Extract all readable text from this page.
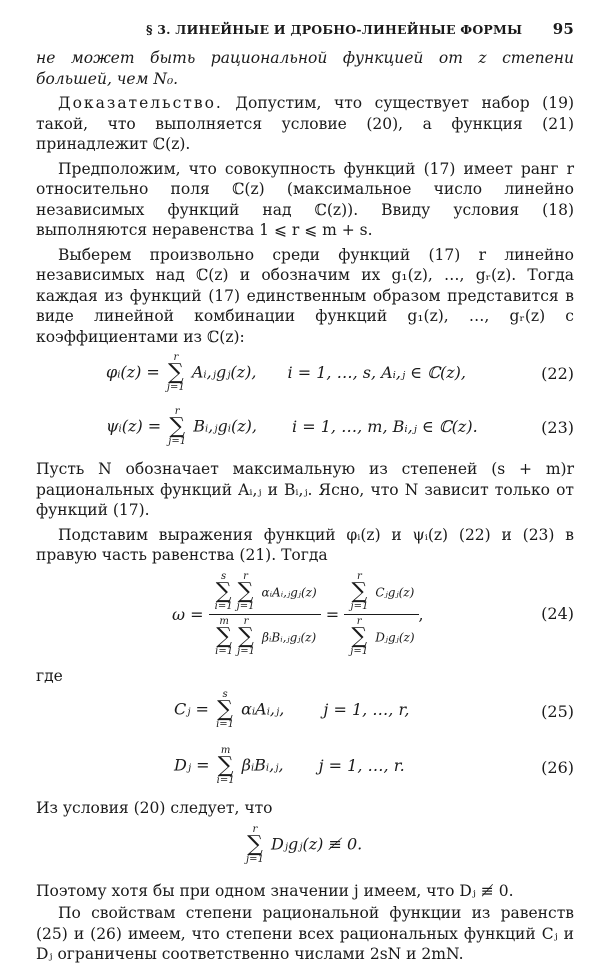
§ 3. ЛИНЕЙНЫЕ И ДРОБНО-ЛИНЕЙНЫЕ ФОРМЫ 95

не может быть рациональной функцией от z степени большей, чем N₀.

Доказательство. Допустим, что существует набор (19) такой, что выполняется условие (20), а функция (21) принадлежит ℂ(z).

Предположим, что совокупность функций (17) имеет ранг r относительно поля ℂ(z) (максимальное число линейно независимых функций над ℂ(z)). Ввиду условия (18) выполняются неравенства 1 ⩽ r ⩽ m + s.

Выберем произвольно среди функций (17) r линейно независимых над ℂ(z) и обозначим их g₁(z), …, gᵣ(z). Тогда каждая из функций (17) единственным образом представится в виде линейной комбинации функций g₁(z), …, gᵣ(z) с коэффициентами из ℂ(z):

φᵢ(z) =
r
∑
j=1
Aᵢ,ⱼgⱼ(z), i = 1, …, s, Aᵢ,ⱼ ∈ ℂ(z),	(22)
ψᵢ(z) =
r
∑
j=1
Bᵢ,ⱼgᵢ(z), i = 1, …, m, Bᵢ,ⱼ ∈ ℂ(z).	(23)

Пусть N обозначает максимальную из степеней (s + m)r рациональных функций Aᵢ,ⱼ и Bᵢ,ⱼ. Ясно, что N зависит только от функций (17).

Подставим выражения функций φᵢ(z) и ψᵢ(z) (22) и (23) в правую часть равенства (21). Тогда

ω = s
∑
i=1
r
∑
j=1
αᵢAᵢ,ⱼgⱼ(z)
m
∑
i=1
r
∑
j=1
βᵢBᵢ,ⱼgⱼ(z) = r
∑
j=1
Cⱼgⱼ(z)
r
∑
j=1
Dⱼgⱼ(z) ,	(24)

где

Cⱼ =
s
∑
i=1
αᵢAᵢ,ⱼ, j = 1, …, r,	(25)
Dⱼ =
m
∑
i=1
βᵢBᵢ,ⱼ, j = 1, …, r.	(26)

Из условия (20) следует, что

r
∑
j=1
Dⱼgⱼ(z) ≢ 0.

Поэтому хотя бы при одном значении j имеем, что Dⱼ ≢ 0.

По свойствам степени рациональной функции из равенств (25) и (26) имеем, что степени всех рациональных функций Cⱼ и Dⱼ ограничены соответственно числами 2sN и 2mN.
